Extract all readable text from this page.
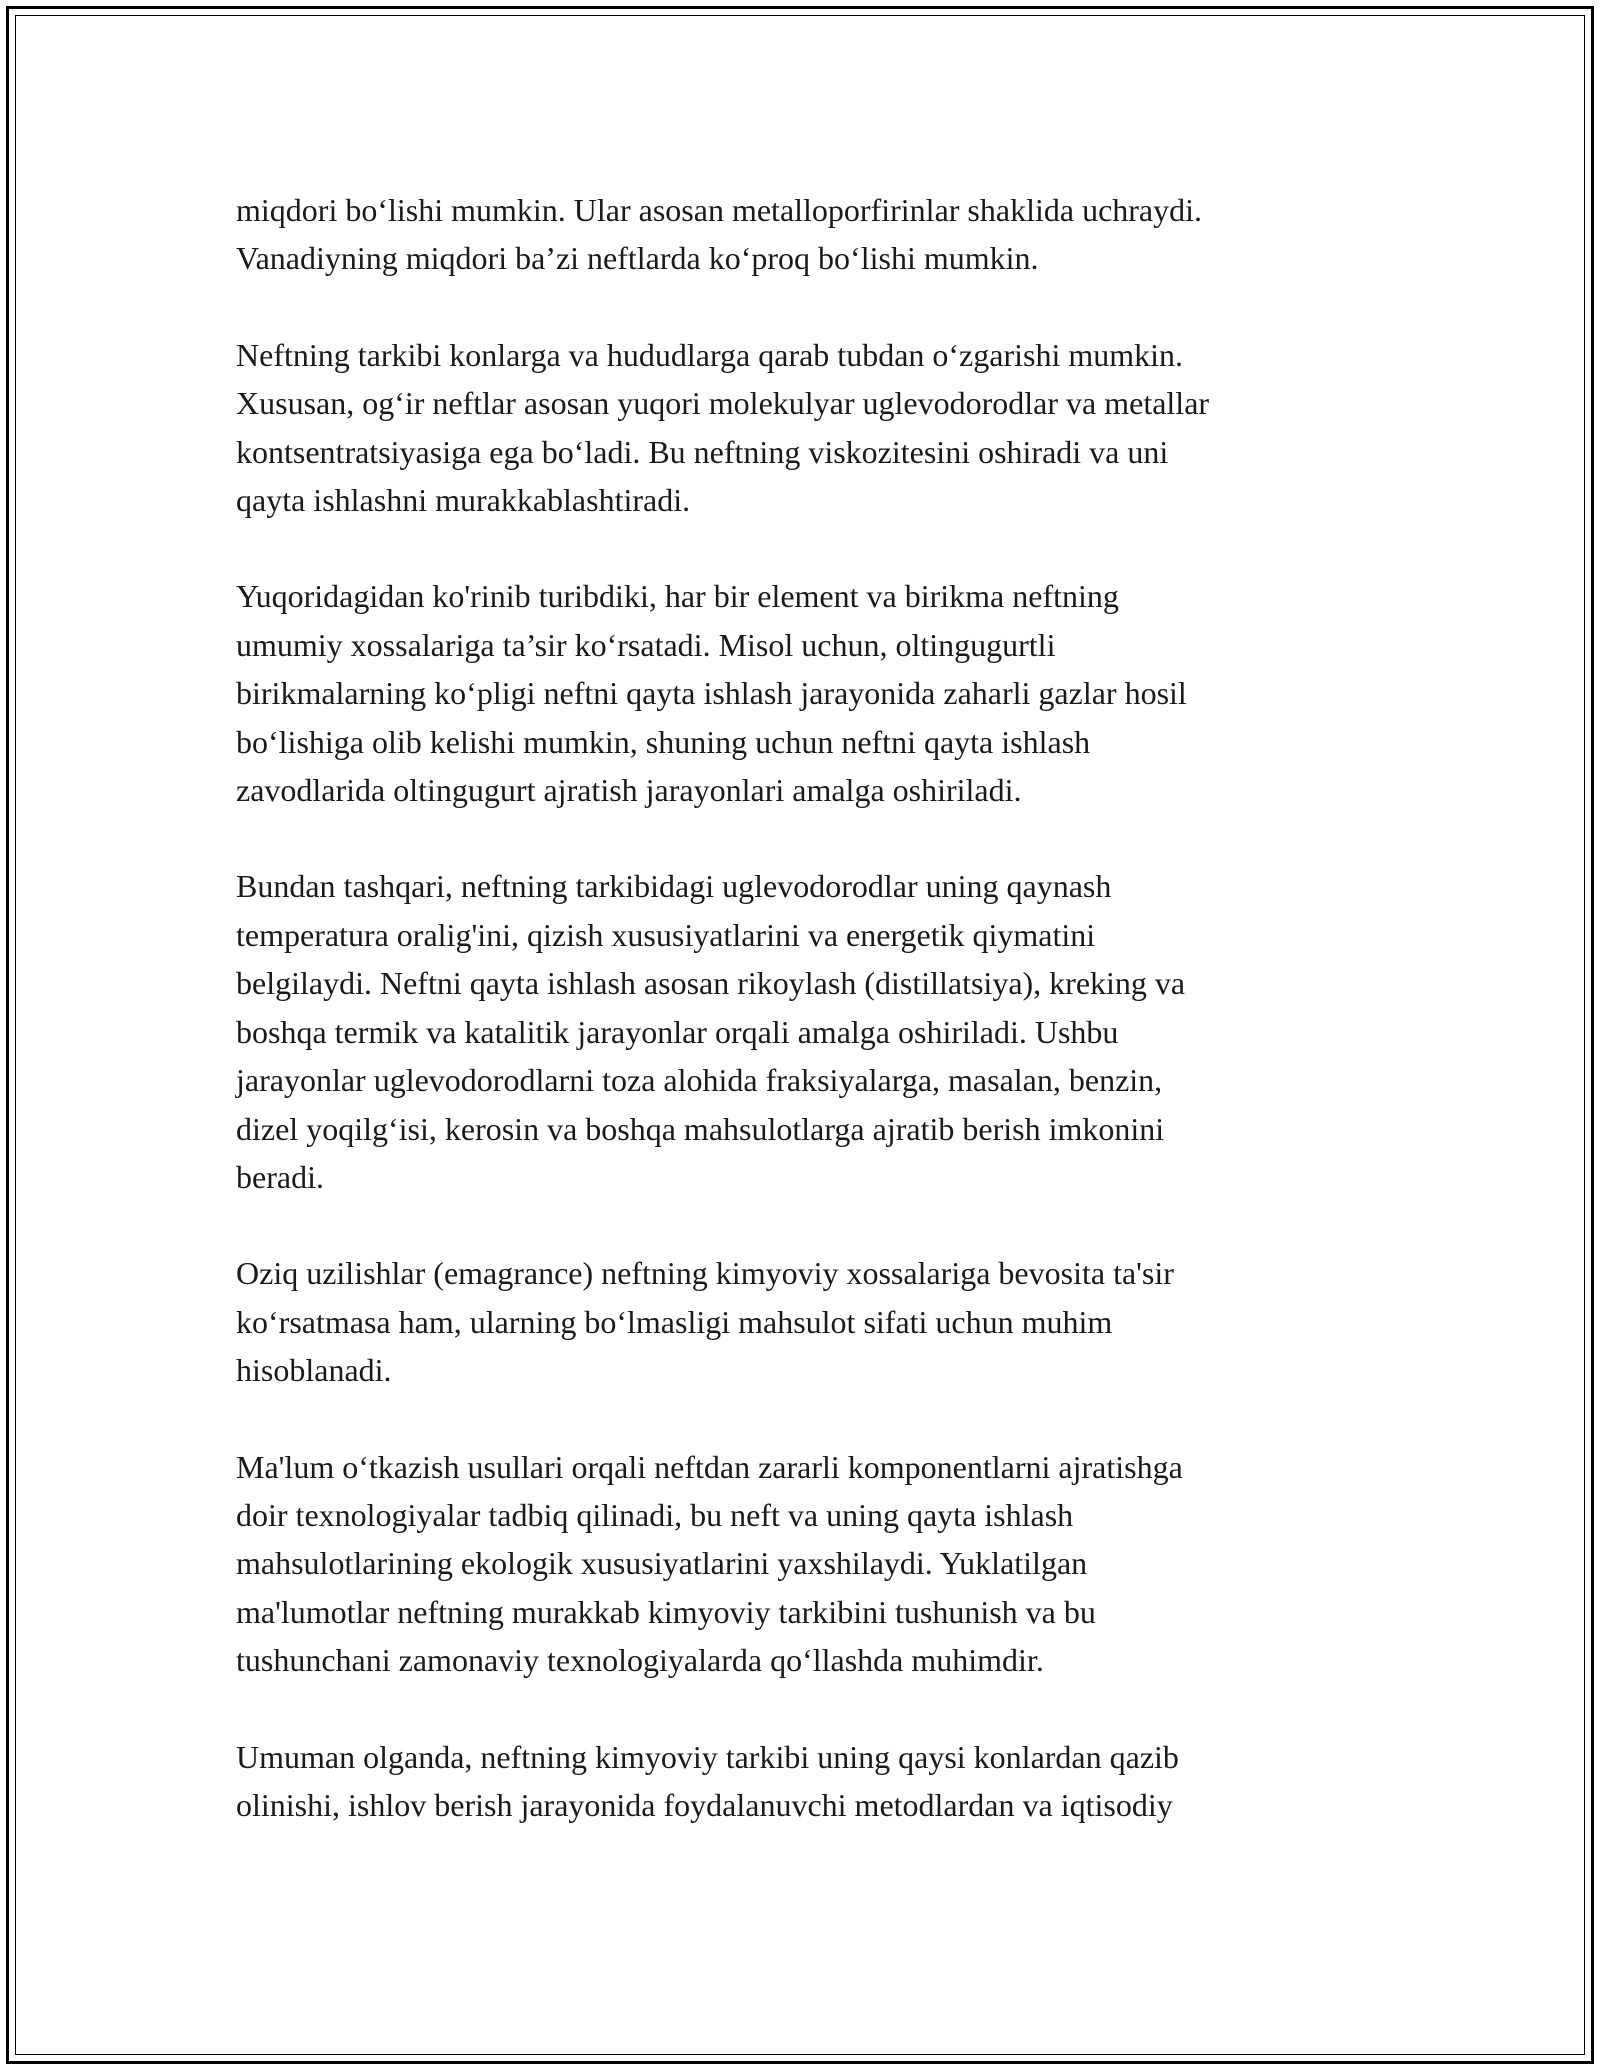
miqdori bo‘lishi mumkin. Ular asosan metalloporfirinlar shaklida uchraydi.
Vanadiyning miqdori ba’zi neftlarda ko‘proq bo‘lishi mumkin.

Neftning tarkibi konlarga va hududlarga qarab tubdan o‘zgarishi mumkin.
Xususan, og‘ir neftlar asosan yuqori molekulyar uglevodorodlar va metallar
kontsentratsiyasiga ega bo‘ladi. Bu neftning viskozitesini oshiradi va uni
qayta ishlashni murakkablashtiradi.

Yuqoridagidan ko'rinib turibdiki, har bir element va birikma neftning
umumiy xossalariga ta’sir ko‘rsatadi. Misol uchun, oltingugurtli
birikmalarning ko‘pligi neftni qayta ishlash jarayonida zaharli gazlar hosil
bo‘lishiga olib kelishi mumkin, shuning uchun neftni qayta ishlash
zavodlarida oltingugurt ajratish jarayonlari amalga oshiriladi.

Bundan tashqari, neftning tarkibidagi uglevodorodlar uning qaynash
temperatura oralig'ini, qizish xususiyatlarini va energetik qiymatini
belgilaydi. Neftni qayta ishlash asosan rikoylash (distillatsiya), kreking va
boshqa termik va katalitik jarayonlar orqali amalga oshiriladi. Ushbu
jarayonlar uglevodorodlarni toza alohida fraksiyalarga, masalan, benzin,
dizel yoqilg‘isi, kerosin va boshqa mahsulotlarga ajratib berish imkonini
beradi.

Oziq uzilishlar (emagrance) neftning kimyoviy xossalariga bevosita ta'sir
ko‘rsatmasa ham, ularning bo‘lmasligi mahsulot sifati uchun muhim
hisoblanadi.

Ma'lum o‘tkazish usullari orqali neftdan zararli komponentlarni ajratishga
doir texnologiyalar tadbiq qilinadi, bu neft va uning qayta ishlash
mahsulotlarining ekologik xususiyatlarini yaxshilaydi. Yuklatilgan
ma'lumotlar neftning murakkab kimyoviy tarkibini tushunish va bu
tushunchani zamonaviy texnologiyalarda qo‘llashda muhimdir.

Umuman olganda, neftning kimyoviy tarkibi uning qaysi konlardan qazib
olinishi, ishlov berish jarayonida foydalanuvchi metodlardan va iqtisodiy
